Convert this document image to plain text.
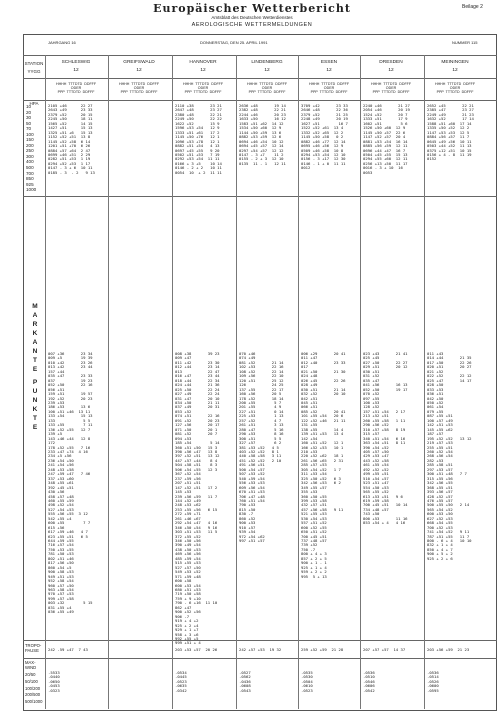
Europäischer Wetterbericht
Amtsblatt des Deutschen Wetterdienstes
AEROLOGISCHE WETTERMELDUNGEN
Beilage 2
JAHRGANG 16	DONNERSTAG, DEN 25. APRIL 1991	NUMMER 115
STATION
YYGG
HPA
10
20
30
50
70
100
150
200
250
300
400
500
700
850
925
1000
M
A
R
K
A
N
T
E
P
U
N
K
T
E
TROPO-
PAUSE
MAX-
WIND
20/50
50/100
100/200
200/500
500/1000
SCHLESWIG
12
HHHH  TTTDTD  DDFFF
ODER
PPP  TTTDTD  DDFFF
2105 +46      22 27
2643 +49      23 33
2379 +52      20 15
2245 +50      18 11
1565 +52      14 15
1427 +51      15 13
1325 +51 +6   15 13
1152 +52 +51  13 8
1145 +52 +58  6 14
1201 +51 +70  6 26
0884 +57 +64  2 47
0699 +46 +51  2 29
0282 +51 +53  1 19
0294 +52 +53  1 17
0147 - 3 + 6  10 11
0185 - 3  - 2   9 13
007 +36       23 34
009 +5        19 39
010 +42       23 26
013 +42       23 44
157 +44
035 +47       23 33
037           19 23
052 +50       22 16
056 +51
159 +51       19 57
192 +52       20 23
239 +53
186 +53       13 6
100 +51 +46  13 11
133 +54       15 13
133            5 5
133 +55        7 11
136 +52 +55   12 7
139 +5
143 +46 +44   12 8
172
178 +52 +55   7 16
233 +47 +74  4 16
234 +5 +56
236 +54 +50
241 +54 +56
248 +53 +58
247 +59 +47   7 46
337 +53 +60
348 +55 +61
392 +45 +51
430 +56
458 +57 +48
460 +55 +59
498 +52 +54
527 +54 +53
555 +56 +55  3 12
542 +55 +4
600 +55        7 7
615 +56
617 +59 +46   4 7
623 +55 +51   6 5
644 +59 +55
716 +57 +54
750 +53 +55
781 +50 +53
802 +51 +46
817 +56 +50
860 +54 +5
900 +58 +53
949 +51 +53
952 +58 +54
960 +57 +50
963 +58 +54
970 +57 +53
999 +57 +58
003 +32        5 15
031 +55 +4
036 +55 +49
242 -59 +47  7 43
.5533
.0440
.0650
.0453
.0323
GREIFSWALD
12
HHHH  TTTDTD  DDFFF
ODER
PPP  TTTDTD  DDFFF
HANNOVER
12
HHHH  TTTDTD  DDFFF
ODER
PPP  TTTDTD  DDFFF
2110 +38       23 21
2647 +48       23 27
2380 +48       22 21
2249 +50       22 22
1622 +52       15 9
1596 +53 +54   12 9
1333 +51 +61   17 2
1145 +50 +76   12 1
1096 +53 +78   12 1
0882 +51 +54   4 13
0697 +45 +55   9 20
0502 +51 +53   7 19
0292 +53 +54  11 11
0166 + 3 +5    10 14
0146 - 2 + 2   10 11
0054  10  + 2  11 11
008 +38       39 23
009 +47
011 +42       23 30
012 +44       23 14
013           22 47
016 +47       23 44
018 +44       22 34
024 +44       21 36
025 +50       22 24
027 +49       22 24
031 +47       20 10
034 +50       21 11
037 +49       20 31
053 +52
074 +51       22 16
091 +52       20 23
127 +56       20 17
071 +50       20 1
081 +52       20 7
094 +53
185 +54        5 14
360 +51 +50   15 3
390 +56 +47   13 8
397 +52 +51   13 12
447 +57 +44    8 4
504 +58 +51    8 3
506 +54 +55   12 3
367 +52 +54
237 +59 +56
207 +51 +51
147 +52 +51   17 2
145 +53
239 +56 +59   11 7
144 +52 +49
248 +53 +62
253 +55 +56   6 15
272 +59 +71
261 +46 +67
292 +54 +47   4 16
346 +50 +54   9 16
303 +51 +53   11 5
372 +55 +52
346 +50 +56
390 +49 +54
438 +50 +53
469 +56 +56
485 +59 +54
515 +55 +53
527 +57 +50
549 +53 +52
571 +59 +48
600 +58
600 +53 +54
680 +51 +53
719 +50 +58
759 + 9 +10
790 - 6 +16  11 10
862 +47
900 +52 +56
906 -7
919 + 4 +2
925 + 2 +4
929 + 1 +7
958 + 3 +6
992 +55 +5
999 +51 + 4
203 +53 +57  20 26
.0534
.0445
.0523
.0635
.0342
LINDENBERG
12
HHHH  TTTDTD  DDFFF
ODER
PPP  TTTDTD  DDFFF
2636 +48       19 14
2382 +48       22 21
2244 +46       20 23
1633 +50       16 12
1583 +51 +62  14 12
1534 +50 +60  12 9
1144 +50 +59  13 6
0882 +53 +59  12 6
0694 +46 +54  10 12
0694 +45 +57  12 14
0297 +54 +57  12 12
0147 - 3 +7    11 2
0155 - 2 + 3  12 10
0135  11 - 1   12 11
070 +46
074 +49
081 +52       21 14
102 +53       22 16
108 +52       22 14
109 +56       22 10
120 +51       25 12
126           24 25
137 +55       22 17
160 +56       20 5
178 +52       18 14
200 +55        5 7
201 +55        4 9
227 +51        0 14
225 +53        1 13
257 +52        4 7
261 +51        3 13
280 +47        5 16
290 +53        8 16
300 +51        5 5
327 +57        6 2
381 +53 +52   4 5
403 +52 +52   8 1
440 +58 +58   3 11
451 +52 +52   2 10
491 +56 +51
500 +54 +57
507 +53 +52
540 +59 +54
556 +53 +53
609 +56 +54
670 +51 +53
706 +47 +48
760 +51 +54
790 +53
815 +50
830 -7
860 +52
900 +53
910 +57
939 +54
972 +54 +62
997 +51 +57
242 +57 +53  19 32
.0527
.0562
.0436
.0608
.0543
ESSEN
12
HHHH  TTTDTD  DDFFF
ODER
PPP  TTTDTD  DDFFF
3709 +42       23 33
2646 +48       22 36
2379 +52       21 25
2248 +49       20 19
1627 +51        16 7
1522 +52 +61  13 4
1332 +52 +65  12 2
1145 +50 +58   0 2
0882 +46 +77  12 14
0695 +46 +56  12 9
0509 +46 +58  10 8
0294 +53 +54  12 10
0156 - 3 +17  12 30
0146 - 1 + 0  11 11
0012
006 +29       20 41
011 +47
012 +40       23 33
017
021 +50       21 30
024 +48
026 +45       22 26
028 +49
030 +51       21 14
032 +52       20 10
042 +51
045 +51
066 +51
085 +52       20 41
101 +55 +54   20 6
122 +52 +46   21 11
131 +55
138 +55       14 4
139 +51 +53   13 4
142 +54
160 +51 +52   12 1
166 +52 +53   10 1
210 +53
220 +52 +62   18 1
261 +56 +65   2 31
285 +57 +53
305 +54 +52   1 7
311 +53 +54
325 +50 +52   6 3
342 +56 +53   6 2
349 +55 +57
355 +53
360 +50 +55
399 +53 +58
432 +57 +51
457 +56 +58   9 11
521 +55 +53
530 +54 +53
557 +51 +52
600 +52 +55
650 +51 +52
700 +45 +51
737 +48 +57
739 +52
750 -7
800 + 4 + 3
857 + 2 + 5
900 + 1 - 1
925 + 1 + 4
959 + 2 + 2
995  5 + 13
259 +52 +59  21 28
.0535
.0530
.0504
.0610
.0523
DRESDEN
12
HHHH  TTTDTD  DDFFF
ODER
PPP  TTTDTD  DDFFF
2240 +46       21 27
2054 +46       20 19
1524 +52       20 7
1333 +51       17 9
1602 +51        5 6
1526 +50 +60  12 9
1145 +50 +57  22 6
1147 +52 +57  20 4
0881 +53 +54  16 14
0885 +56 +59  12 11
0696 +44 +47  16 7
0504 +45 +55  15 13
0294 +55 +60  12 11
0256 +13 +50  11 17
0016 - 3 + 10  16
0053
023 +43       21 41
025 +45
027 +50       22 27
029 +51       20 12
030 +51
031 +52
035 +47
041 +56       16 13
052 +50       19 17
070 +52
097 +55
100 +53
128 +52
157 +51 +54   2 17
213 +52 +51
260 +55 +58   1 11
290 +56 +52
310 +57 +58   8 19
315 +57
340 +51 +54   6 16
363 +54 +51   8 11
390 +54 +52
405 +57 +50
429 +53 +47
443 +52 +58
461 +55 +54
492 +52 +52
499 +55 +51
510 +54 +57
523 +51 +47
554 +50 +53
565 +55 +52
613 +53 +51   9 6
619 +59 +58
700 +45 +51   10 14
734 +48 +57
743 +50
800 +53       11 16
853 +54 + 4   4 16
207 +57 +57  14 37
.0536
.0510
.0546
.0606
.0542
MEININGEN
12
HHHH  TTTDTD  DDFFF
ODER
PPP  TTTDTD  DDFFF
2652 +45       22 21
2385 +47       23 27
2249 +49       21 23
1632 +52       17 14
1588 +51 +60  17 14
1335 +50 +52  12 2
1147 +53 +53  12 5
0884 +56 +57  11 7
0645 +49 +56  10 11
0503 +44 +52  11 13
0375 +12 +51  10 15
0156 + 4 - 8  11 19
0152
011 +43
014 +44       21 35
017 +50       22 26
020 +51       20 27
021 +52
022 +52       22 12
025 +47       14 17
028 +50
033 +53
036 +51
042 +50
050 +52
061 +54
079 +55
087 +55 +51
100 +57 +49
142 +51 +53
145 +55 +62
187 +57
195 +52 +52   13 12
219 +57 +53
255 +55 +51
260 +52 +54
268 +56 +54
282 +53
285 +58 +51
297 +53 +57
300 +51 +48   7 7
315 +55 +56
342 +56 +55
368 +55 +51
393 +56 +57
428 +52 +57
476 +55 +57
500 +55 +50   2 14
565 +54 +52
600 +53 +50
627 +52 +53
668 +54 +55
700 +52 +53
741 +54 +52   9 11
787 +51 +55   11 7
800 - 6 + 4   10 10
832 + 1 + 4
850 + 4 + 7
900 + 5 + 2
925 + 2 + 6
203 +56 +59  21 23
.0536
.0514
.0526
.0600
.0595
